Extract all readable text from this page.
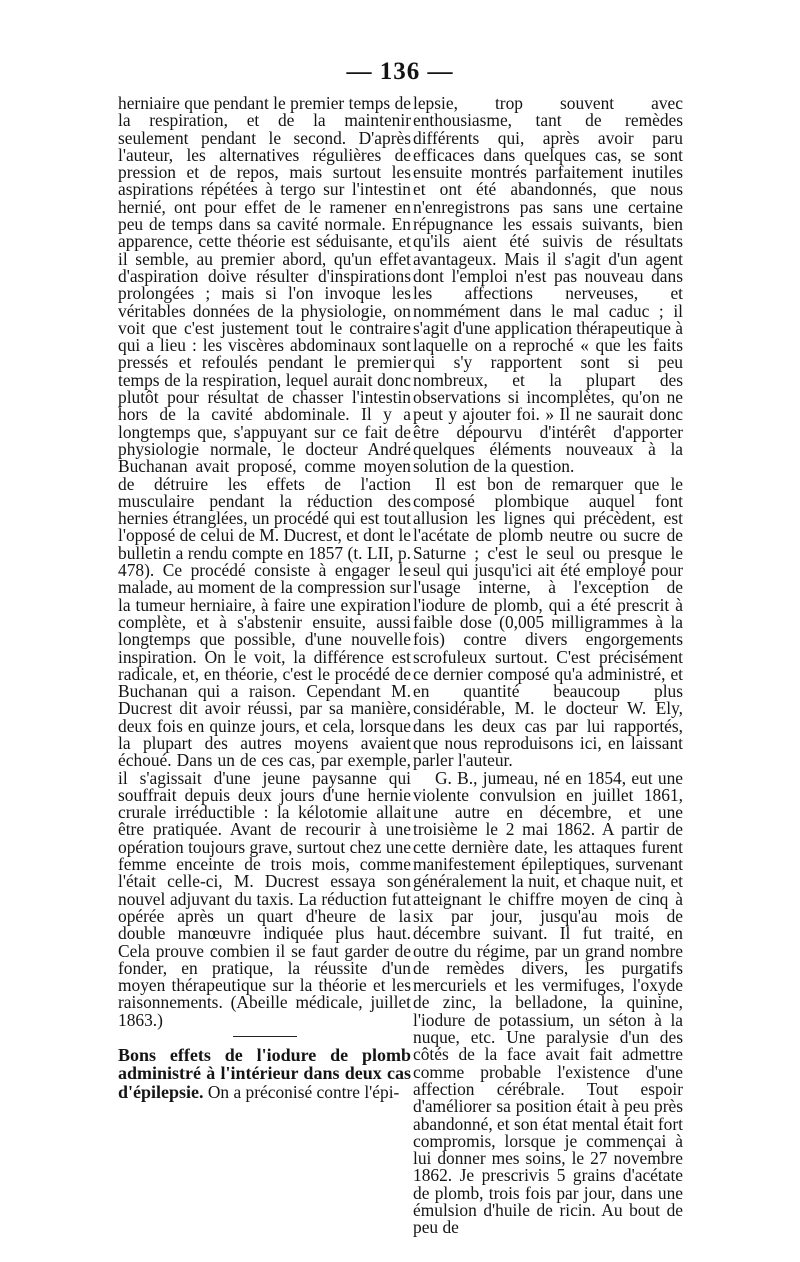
— 136 —

herniaire que pendant le premier temps de la respiration, et de la maintenir seulement pendant le second. D'après l'auteur, les alternatives régulières de pression et de repos, mais surtout les aspirations répétées à tergo sur l'intestin hernié, ont pour effet de le ramener en peu de temps dans sa cavité normale. En apparence, cette théorie est séduisante, et il semble, au premier abord, qu'un effet d'aspiration doive résulter d'inspirations prolongées ; mais si l'on invoque les véritables données de la physiologie, on voit que c'est justement tout le contraire qui a lieu : les viscères abdominaux sont pressés et refoulés pendant le premier temps de la respiration, lequel aurait donc plutôt pour résultat de chasser l'intestin hors de la cavité abdominale. Il y a longtemps que, s'appuyant sur ce fait de physiologie normale, le docteur André Buchanan avait proposé, comme moyen de détruire les effets de l'action musculaire pendant la réduction des hernies étranglées, un procédé qui est tout l'opposé de celui de M. Ducrest, et dont le bulletin a rendu compte en 1857 (t. LII, p. 478). Ce procédé consiste à engager le malade, au moment de la compression sur la tumeur herniaire, à faire une expiration complète, et à s'abstenir ensuite, aussi longtemps que possible, d'une nouvelle inspiration. On le voit, la différence est radicale, et, en théorie, c'est le procédé de Buchanan qui a raison. Cependant M. Ducrest dit avoir réussi, par sa manière, deux fois en quinze jours, et cela, lorsque la plupart des autres moyens avaient échoué. Dans un de ces cas, par exemple, il s'agissait d'une jeune paysanne qui souffrait depuis deux jours d'une hernie crurale irréductible : la kélotomie allait être pratiquée. Avant de recourir à une opération toujours grave, surtout chez une femme enceinte de trois mois, comme l'était celle-ci, M. Ducrest essaya son nouvel adjuvant du taxis. La réduction fut opérée après un quart d'heure de la double manœuvre indiquée plus haut. Cela prouve combien il se faut garder de fonder, en pratique, la réussite d'un moyen thérapeutique sur la théorie et les raisonnements. (Abeille médicale, juillet 1863.)

Bons effets de l'iodure de plomb administré à l'intérieur dans deux cas d'épilepsie. On a préconisé contre l'épi-

lepsie, trop souvent avec enthousiasme, tant de remèdes différents qui, après avoir paru efficaces dans quelques cas, se sont ensuite montrés parfaitement inutiles et ont été abandonnés, que nous n'enregistrons pas sans une certaine répugnance les essais suivants, bien qu'ils aient été suivis de résultats avantageux. Mais il s'agit d'un agent dont l'emploi n'est pas nouveau dans les affections nerveuses, et nommément dans le mal caduc ; il s'agit d'une application thérapeutique à laquelle on a reproché « que les faits qui s'y rapportent sont si peu nombreux, et la plupart des observations si incomplètes, qu'on ne peut y ajouter foi. » Il ne saurait donc être dépourvu d'intérêt d'apporter quelques éléments nouveaux à la solution de la question.

Il est bon de remarquer que le composé plombique auquel font allusion les lignes qui précèdent, est l'acétate de plomb neutre ou sucre de Saturne ; c'est le seul ou presque le seul qui jusqu'ici ait été employé pour l'usage interne, à l'exception de l'iodure de plomb, qui a été prescrit à faible dose (0,005 milligrammes à la fois) contre divers engorgements scrofuleux surtout. C'est précisément ce dernier composé qu'a administré, et en quantité beaucoup plus considérable, M. le docteur W. Ely, dans les deux cas par lui rapportés, que nous reproduisons ici, en laissant parler l'auteur.

G. B., jumeau, né en 1854, eut une violente convulsion en juillet 1861, une autre en décembre, et une troisième le 2 mai 1862. A partir de cette dernière date, les attaques furent manifestement épileptiques, survenant généralement la nuit, et chaque nuit, et atteignant le chiffre moyen de cinq à six par jour, jusqu'au mois de décembre suivant. Il fut traité, en outre du régime, par un grand nombre de remèdes divers, les purgatifs mercuriels et les vermifuges, l'oxyde de zinc, la belladone, la quinine, l'iodure de potassium, un séton à la nuque, etc. Une paralysie d'un des côtés de la face avait fait admettre comme probable l'existence d'une affection cérébrale. Tout espoir d'améliorer sa position était à peu près abandonné, et son état mental était fort compromis, lorsque je commençai à lui donner mes soins, le 27 novembre 1862. Je prescrivis 5 grains d'acétate de plomb, trois fois par jour, dans une émulsion d'huile de ricin. Au bout de peu de
